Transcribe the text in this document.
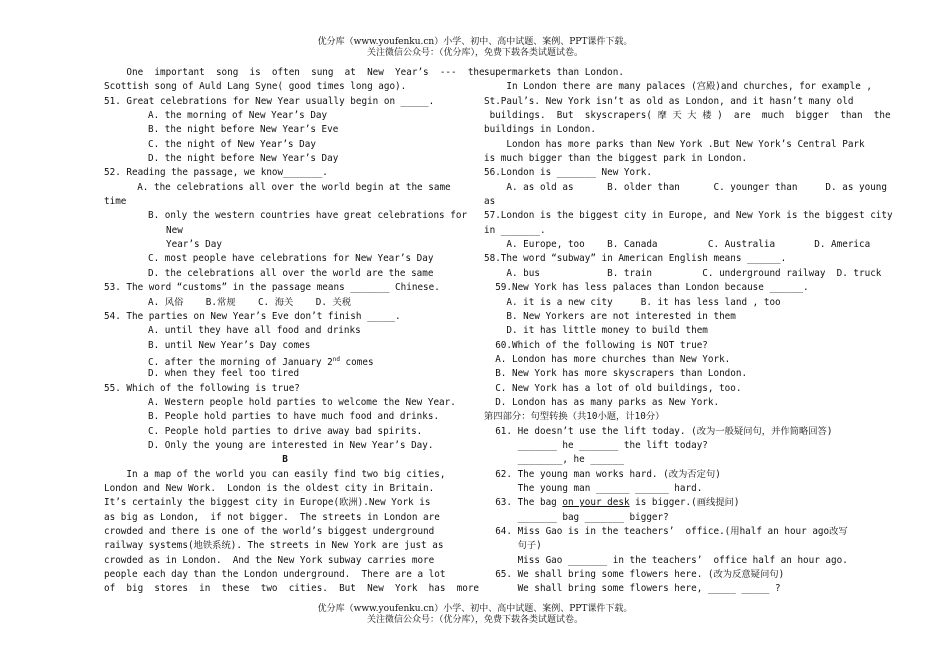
优分库（www.youfenku.cn）小学、初中、高中试题、案例、PPT课件下载。
关注微信公众号：（优分库），免费下载各类试题试卷。
One  important  song  is  often  sung  at  New  Year’s  ---  the
Scottish song of Auld Lang Syne( good times long ago).
51. Great celebrations for New Year usually begin on _____.
A. the morning of New Year’s Day
B. the night before New Year’s Eve
C. the night of New Year’s Day
D. the night before New Year’s Day
52. Reading the passage, we know_______.
A. the celebrations all over the world begin at the same
time
B. only the western countries have great celebrations for
New
Year’s Day
C. most people have celebrations for New Year’s Day
D. the celebrations all over the world are the same
53. The word “customs” in the passage means _______ Chinese.
A. 风俗    B.常规    C. 海关    D. 关税
54. The parties on New Year’s Eve don’t finish _____.
A. until they have all food and drinks
B. until New Year’s Day comes
C. after the morning of January 2nd comes
D. when they feel too tired
55. Which of the following is true?
A. Western people hold parties to welcome the New Year.
B. People hold parties to have much food and drinks.
C. People hold parties to drive away bad spirits.
D. Only the young are interested in New Year’s Day.
B
In a map of the world you can easily find two big cities,
London and New Work.  London is the oldest city in Britain.
It’s certainly the biggest city in Europe(欧洲).New York is
as big as London,  if not bigger.  The streets in London are
crowded and there is one of the world’s biggest underground
railway systems(地铁系统). The streets in New York are just as
crowded as in London.  And the New York subway carries more
people each day than the London underground.  There are a lot
of  big  stores  in  these  two  cities.  But  New  York  has  more
supermarkets than London.
In London there are many palaces (宫殿)and churches, for example ,
St.Paul’s. New York isn’t as old as London, and it hasn’t many old
buildings.  But  skyscrapers( 摩 天 大 楼 )  are  much  bigger  than  the
buildings in London.
London has more parks than New York .But New York’s Central Park
is much bigger than the biggest park in London.
56.London is _______ New York.
A. as old as      B. older than      C. younger than     D. as young
as
57.London is the biggest city in Europe, and New York is the biggest city
in _______.
A. Europe, too    B. Canada         C. Australia       D. America
58.The word “subway” in American English means ______.
A. bus            B. train         C. underground railway  D. truck
59.New York has less palaces than London because ______.
A. it is a new city     B. it has less land , too
B. New Yorkers are not interested in them
D. it has little money to build them
60.Which of the following is NOT true?
A. London has more churches than New York.
B. New York has more skyscrapers than London.
C. New York has a lot of old buildings, too.
D. London has as many parks as New York.
第四部分：句型转换（共10小题，计10分）
61. He doesn’t use the lift today. (改为一般疑问句，并作简略回答)
_______ he _______ the lift today?
________, he ______
62. The young man works hard. (改为否定句)
The young man ______ ______ hard.
63. The bag on your desk is bigger.(画线提问)
_______ bag _______ bigger?
64. Miss Gao is in the teachers’  office.(用half an hour ago改写
句子)
Miss Gao _______ in the teachers’  office half an hour ago.
65. We shall bring some flowers here. (改为反意疑问句)
We shall bring some flowers here, _____ _____ ?
优分库（www.youfenku.cn）小学、初中、高中试题、案例、PPT课件下载。
关注微信公众号：（优分库），免费下载各类试题试卷。
